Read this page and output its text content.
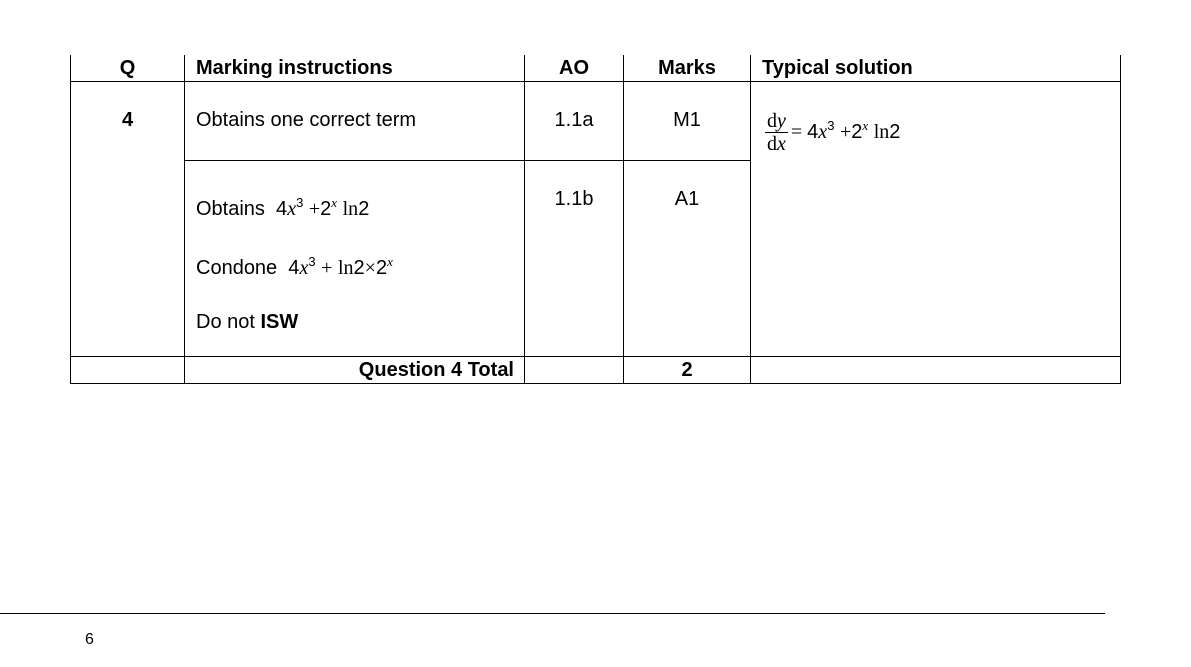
Q	Marking instructions	AO	Marks	Typical solution

4	Obtains one correct term	1.1a	M1	$\frac{dy}{dx} = 4x^3 +2^x$ ln2

	Obtains  $4x^3 +2^x$ ln2
Condone  $4x^3 + \ln 2\times 2^x$
Do not ISW	1.1b	A1	

	Question 4 Total		2	
6
